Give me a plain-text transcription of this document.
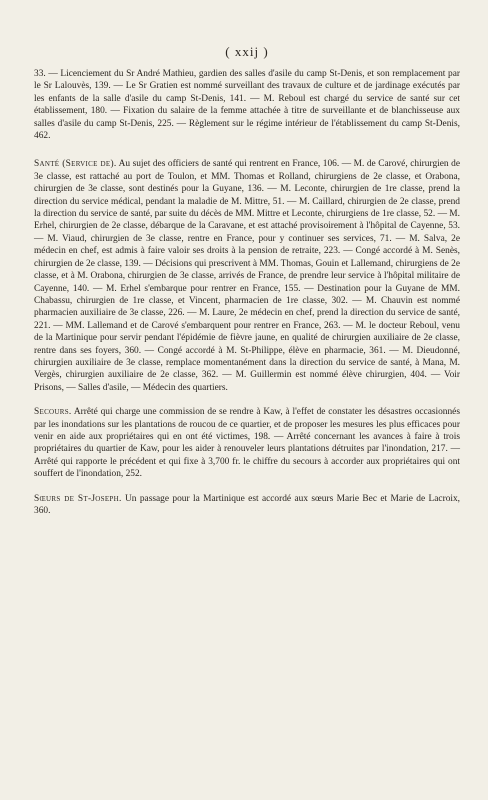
( xxij )

33. — Licenciement du Sr André Mathieu, gardien des salles d'asile du camp St-Denis, et son remplacement par le Sr Lalouvès, 139. — Le Sr Gratien est nommé surveillant des travaux de culture et de jardinage exécutés par les enfants de la salle d'asile du camp St-Denis, 141. — M. Reboul est chargé du service de santé sur cet établissement, 180. — Fixation du salaire de la femme attachée à titre de surveillante et de blanchisseuse aux salles d'asile du camp St-Denis, 225. — Règlement sur le régime intérieur de l'établissement du camp St-Denis, 462.

Santé (Service de). Au sujet des officiers de santé qui rentrent en France, 106. — M. de Carové, chirurgien de 3e classe, est rattaché au port de Toulon, et MM. Thomas et Rolland, chirurgiens de 2e classe, et Orabona, chirurgien de 3e classe, sont destinés pour la Guyane, 136. — M. Leconte, chirurgien de 1re classe, prend la direction du service médical, pendant la maladie de M. Mittre, 51. — M. Caillard, chirurgien de 2e classe, prend la direction du service de santé, par suite du décès de MM. Mittre et Leconte, chirurgiens de 1re classe, 52. — M. Erhel, chirurgien de 2e classe, débarque de la Caravane, et est attaché provisoirement à l'hôpital de Cayenne, 53. — M. Viaud, chirurgien de 3e classe, rentre en France, pour y continuer ses services, 71. — M. Salva, 2e médecin en chef, est admis à faire valoir ses droits à la pension de retraite, 223. — Congé accordé à M. Senès, chirurgien de 2e classe, 139. — Décisions qui prescrivent à MM. Thomas, Gouin et Lallemand, chirurgiens de 2e classe, et à M. Orabona, chirurgien de 3e classe, arrivés de France, de prendre leur service à l'hôpital militaire de Cayenne, 140. — M. Erhel s'embarque pour rentrer en France, 155. — Destination pour la Guyane de MM. Chabassu, chirurgien de 1re classe, et Vincent, pharmacien de 1re classe, 302. — M. Chauvin est nommé pharmacien auxiliaire de 3e classe, 226. — M. Laure, 2e médecin en chef, prend la direction du service de santé, 221. — MM. Lallemand et de Carové s'embarquent pour rentrer en France, 263. — M. le docteur Reboul, venu de la Martinique pour servir pendant l'épidémie de fièvre jaune, en qualité de chirurgien auxiliaire de 2e classe, rentre dans ses foyers, 360. — Congé accordé à M. St-Philippe, élève en pharmacie, 361. — M. Dieudonné, chirurgien auxiliaire de 3e classe, remplace momentanément dans la direction du service de santé, à Mana, M. Vergès, chirurgien auxiliaire de 2e classe, 362. — M. Guillermin est nommé élève chirurgien, 404. — Voir Prisons, — Salles d'asile, — Médecin des quartiers.

Secours. Arrêté qui charge une commission de se rendre à Kaw, à l'effet de constater les désastres occasionnés par les inondations sur les plantations de roucou de ce quartier, et de proposer les mesures les plus efficaces pour venir en aide aux propriétaires qui en ont été victimes, 198. — Arrêté concernant les avances à faire à trois propriétaires du quartier de Kaw, pour les aider à renouveler leurs plantations détruites par l'inondation, 217. — Arrêté qui rapporte le précédent et qui fixe à 3,700 fr. le chiffre du secours à accorder aux propriétaires qui ont souffert de l'inondation, 252.

Sœurs de St-Joseph. Un passage pour la Martinique est accordé aux sœurs Marie Bec et Marie de Lacroix, 360.
